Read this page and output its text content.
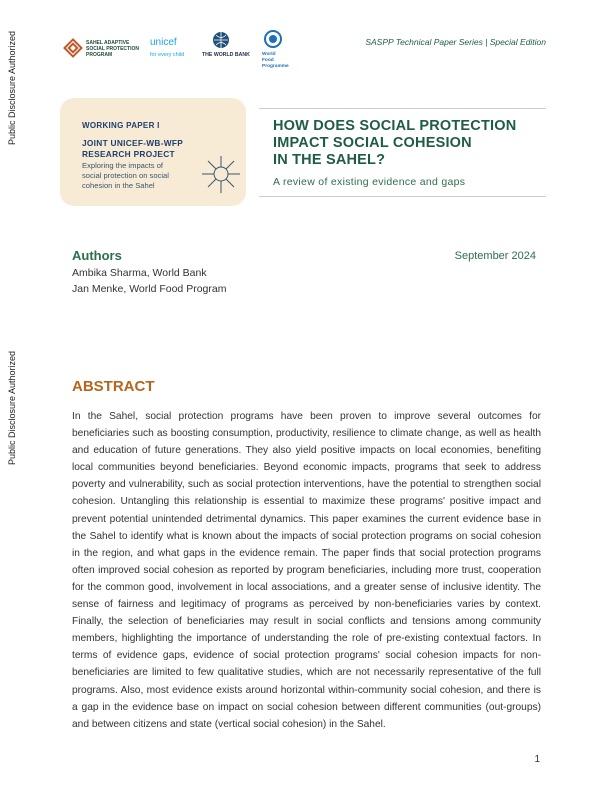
Public Disclosure Authorized
Public Disclosure Authorized
SASPP Technical Paper Series | Special Edition
SAHEL ADAPTIVE SOCIAL PROTECTION PROGRAM
unicef
for every child	THE WORLD BANK	World Food Programme
WORKING PAPER I
JOINT UNICEF-WB-WFP
RESEARCH PROJECT
Exploring the impacts of
social protection on social
cohesion in the Sahel
HOW DOES SOCIAL PROTECTION
IMPACT SOCIAL COHESION
IN THE SAHEL?
A review of existing evidence and gaps
Authors
Ambika Sharma, World Bank
Jan Menke, World Food Program
September 2024
ABSTRACT
In the Sahel, social protection programs have been proven to improve several outcomes for beneficiaries such as boosting consumption, productivity, resilience to climate change, as well as health and education of future generations. They also yield positive impacts on local economies, benefiting local communities beyond beneficiaries. Beyond economic impacts, programs that seek to address poverty and vulnerability, such as social protection interventions, have the potential to strengthen social cohesion. Untangling this relationship is essential to maximize these programs' positive impact and prevent potential unintended detrimental dynamics. This paper examines the current evidence base in the Sahel to identify what is known about the impacts of social protection programs on social cohesion in the region, and what gaps in the evidence remain. The paper finds that social protection programs often improved social cohesion as reported by program beneficiaries, including more trust, cooperation for the common good, involvement in local associations, and a greater sense of inclusive identity. The sense of fairness and legitimacy of programs as perceived by non-beneficiaries varies by context. Finally, the selection of beneficiaries may result in social conflicts and tensions among community members, highlighting the importance of understanding the role of pre-existing contextual factors. In terms of evidence gaps, evidence of social protection programs' social cohesion impacts for non-beneficiaries are limited to few qualitative studies, which are not necessarily representative of the full programs. Also, most evidence exists around horizontal within-community social cohesion, and there is a gap in the evidence base on impact on social cohesion between different communities (out-groups) and between citizens and state (vertical social cohesion) in the Sahel.
1
